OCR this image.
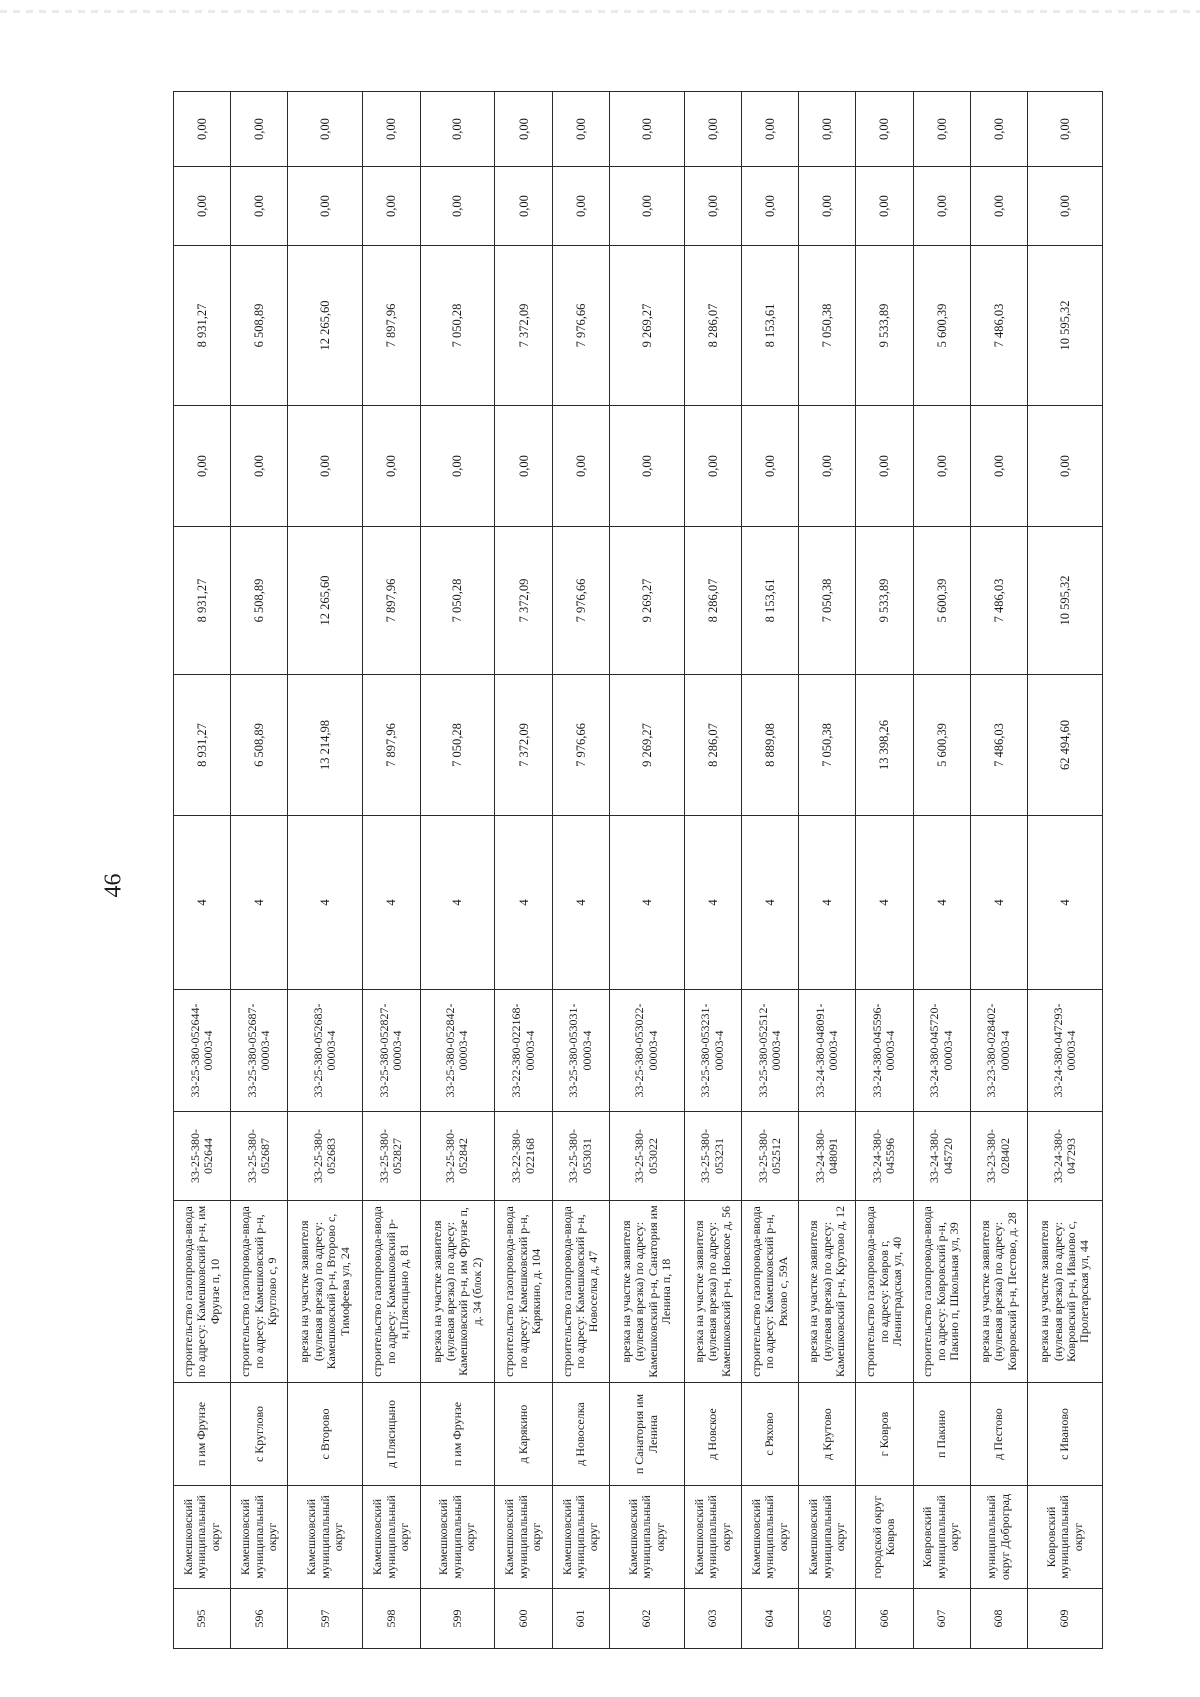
46
595	Камешковский муниципальный округ	п им Фрунзе	строительство газопровода-ввода по адресу: Камешковский р-н, им Фрунзе п, 10	33-25-380-052644	33-25-380-052644-00003-4	4	8 931,27	8 931,27	0,00	8 931,27	0,00	0,00
596	Камешковский муниципальный округ	с Круглово	строительство газопровода-ввода по адресу: Камешковский р-н, Круглово с, 9	33-25-380-052687	33-25-380-052687-00003-4	4	6 508,89	6 508,89	0,00	6 508,89	0,00	0,00
597	Камешковский муниципальный округ	с Второво	врезка на участке заявителя (нулевая врезка) по адресу: Камешковский р-н, Второво с, Тимофеева ул, 24	33-25-380-052683	33-25-380-052683-00003-4	4	13 214,98	12 265,60	0,00	12 265,60	0,00	0,00
598	Камешковский муниципальный округ	д Плясицыно	строительство газопровода-ввода по адресу: Камешковский р-н,Плясицыно д, 81	33-25-380-052827	33-25-380-052827-00003-4	4	7 897,96	7 897,96	0,00	7 897,96	0,00	0,00
599	Камешковский муниципальный округ	п им Фрунзе	врезка на участке заявителя (нулевая врезка) по адресу: Камешковский р-н, им Фрунзе п, д. 34 (блок 2)	33-25-380-052842	33-25-380-052842-00003-4	4	7 050,28	7 050,28	0,00	7 050,28	0,00	0,00
600	Камешковский муниципальный округ	д Карякино	строительство газопровода-ввода по адресу: Камешковский р-н, Карякино, д. 104	33-22-380-022168	33-22-380-022168-00003-4	4	7 372,09	7 372,09	0,00	7 372,09	0,00	0,00
601	Камешковский муниципальный округ	д Новоселка	строительство газопровода-ввода по адресу: Камешковский р-н, Новоселка д, 47	33-25-380-053031	33-25-380-053031-00003-4	4	7 976,66	7 976,66	0,00	7 976,66	0,00	0,00
602	Камешковский муниципальный округ	п Санатория им Ленина	врезка на участке заявителя (нулевая врезка) по адресу: Камешковский р-н, Санатория им Ленина п, 18	33-25-380-053022	33-25-380-053022-00003-4	4	9 269,27	9 269,27	0,00	9 269,27	0,00	0,00
603	Камешковский муниципальный округ	д Новское	врезка на участке заявителя (нулевая врезка) по адресу: Камешковский р-н, Новское д, 56	33-25-380-053231	33-25-380-053231-00003-4	4	8 286,07	8 286,07	0,00	8 286,07	0,00	0,00
604	Камешковский муниципальный округ	с Ряхово	строительство газопровода-ввода по адресу: Камешковский р-н, Ряхово с, 59А	33-25-380-052512	33-25-380-052512-00003-4	4	8 889,08	8 153,61	0,00	8 153,61	0,00	0,00
605	Камешковский муниципальный округ	д Крутово	врезка на участке заявителя (нулевая врезка) по адресу: Камешковский р-н, Крутово д, 12	33-24-380-048091	33-24-380-048091-00003-4	4	7 050,38	7 050,38	0,00	7 050,38	0,00	0,00
606	городской округ Ковров	г Ковров	строительство газопровода-ввода по адресу: Ковров г, Ленинградская ул, 40	33-24-380-045596	33-24-380-045596-00003-4	4	13 398,26	9 533,89	0,00	9 533,89	0,00	0,00
607	Ковровский муниципальный округ	п Пакино	строительство газопровода-ввода по адресу: Ковровский р-н, Пакино п, Школьная ул, 39	33-24-380-045720	33-24-380-045720-00003-4	4	5 600,39	5 600,39	0,00	5 600,39	0,00	0,00
608	муниципальный округ Доброград	д Пестово	врезка на участке заявителя (нулевая врезка) по адресу: Ковровский р-н, Пестово, д. 28	33-23-380-028402	33-23-380-028402-00003-4	4	7 486,03	7 486,03	0,00	7 486,03	0,00	0,00
609	Ковровский муниципальный округ	с Иваново	врезка на участке заявителя (нулевая врезка) по адресу: Ковровский р-н, Иваново с, Пролетарская ул, 44	33-24-380-047293	33-24-380-047293-00003-4	4	62 494,60	10 595,32	0,00	10 595,32	0,00	0,00
